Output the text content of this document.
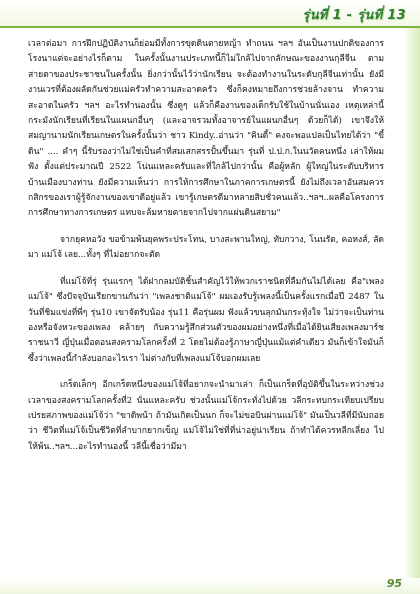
รุ่นที่ 1 - รุ่นที่ 13

เวลาต่อมา การฝึกปฏิบัติงานก็ย่อมมีทั้งการขุดดินตายหญ้า ทำถนน ฯลฯ อันเป็นงานปกติของการโรงนาแต่จะอย่างไรก็ตาม ในครั้งนั้นงานประเภทนี้ก็ไม่ใกล้ไปจากลักษณะของงานกุลีจีน ตามสายตาของประชาชนในครั้งนั้น ยิ่งกว่านั้นไว้ว่านักเรียน จะต้องทำงานในระดับกุลีจีนเท่านั้น ยังมีงานเวรที่ต้องผลัดกันช่วยแม่ครัวทำความสะอาดครัว ซึ่งก็คงหมายถึงการช่วยล้างจาน ทำความสะอาดในครัว ฯลฯ อะไรทำนองนั้น ซึ่งดูๆ แล้วก็คืองานของเด็กรับใช้ในบ้านนั่นเอง เหตุเหล่านี้กระมังนักเรียนที่เรียนในแผนกอื่นๆ (และอาจรวมทั้งอาจารย์ในแผนกอื่นๆ ด้วยก็ได้) เขาจึงให้สมญานามนักเรียนเกษตรในครั้งนั้นว่า ชาว Kindy..อ่านว่า "คินดี้" คงจะพอแปลเป็นไทยได้ว่า "ขี้ดิน" .... คำๆ นี้รับรองว่าไม่ใช่เป็นคำที่สมเสกสรรปั้นขึ้นมา รุ่นที่ ป.ป.ก.ในนวัตคนหนึ่ง เล่าให้ผมฟัง ตั้งแต่ประมาณปี 2522 โน่นแหละครับและที่ใกล้ไปกว่านั้น คือผู้หลัก ผู้ใหญ่ในระดับบริหารบ้านเมืองบางท่าน ยังมีความเห็นว่า การให้การศึกษาในภาคการเกษตรนี้ ยังไม่ถึงเวลาอันสมควร กสิกรของเราผู้รู้จักงานของเขาดีอยู่แล้ว เขารู้เกษตรดีมาหลายสิบชั่วคนแล้ว..ฯลฯ..ผลคือโครงการการศึกษาทางการเกษตร แทบจะล้มหายตายจากไปจากแผ่นดินสยาม"

จากยุคหอวัง ขอข้ามพ้นยุคพระประโทน, บางสะพานใหญ่, ทับกวาง, โนนรัต, คอหงส์, ลัดมา แม่โจ้ เลย...ทั้งๆ ที่ไม่อยากจะตัด

ที่แม่โจ้ที่รุ่ รุ่นแรกๆ ได้ฝากลมบัติชิ้นสำคัญไว้ให้พวกเราชนิดที่ลืมกันไม่ได้เลย คือ"เพลงแม่โจ้" ซึ่งปัจจุบันเรียกขานกันว่า "เพลงชาติแม่โจ้" ผมเองรับรู้เพลงนี้เป็นครั้งแรกเมื่อปี 2487 ในวันที่ชิมแข่งที่พี่ๆ รุ่น10 เขาจัดรับน้อง รุ่น11 คือรุ่นผม ฟังแล้วขนลุกมันกระทุ้งใจ ไม่ว่าจะเป็นท่านองหรือจังหวะของเพลง คล้ายๆ กับความรู้สึกส่วนตัวของผมอย่างหนึ่งที่เมื่อได้ยินเสียงเพลงมาร์ชราชนาวี ญี่ปุ่นเมื่อตอนสงครามโลกครั้งที่ 2 โดยไม่ต้องรู้ภาษาญี่ปุ่นแม้แต่คำเดียว มันก็เข้าใจมันก็ซึ้งว่าเพลงนี้กำลังบอกอะไรเรา ไม่ต่างกับที่เพลงแม่โจ้บอกผมเลย

เกร็ดเล็กๆ อีกเกร็ดหนึ่งของแม่โจ้ที่อยากจะนำมาเล่า ก็เป็นเกร็ดที่อุบัติขึ้นในระหว่างช่วงเวลาของสงครามโลกครั้งที่2 นั่นแหละครับ ช่วงนั้นแม่โจ้กระทั่งไปด้วย วลีกระทบกระเทียบเปรียบเปรยสภาพของแม่โจ้ว่า "ขาดิพน้า ถ้ามันเกิดเป็นนก ก็จะไม่ขอบินผ่านแม่โจ้" มันเป็นวลีที่มีนับถอยว่า ชีวิตที่แม่โจ้เป็นชีวิตที่ลำบากยากเข็ญ แม่โจ้ไม่ใช่ที่ที่น่าอยู่น่าเรียน ถ้าทำได้ควรหลีกเลี่ยง ไปให้พ้น..ฯลฯ...อะไรทำนองนี้ วลีนี้เชื่อว่ามีมา

95
